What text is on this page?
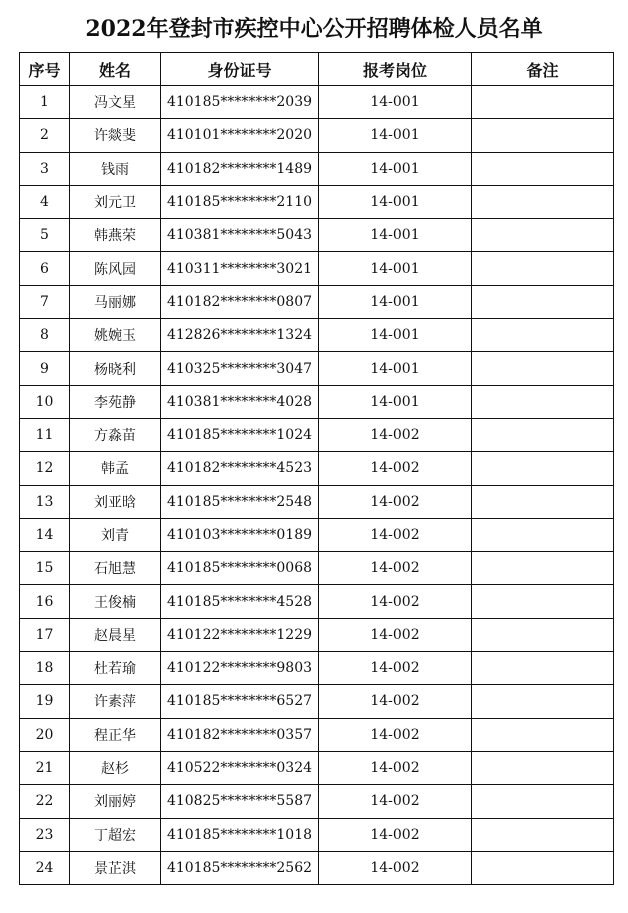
2022年登封市疾控中心公开招聘体检人员名单
序号	姓名	身份证号	报考岗位	备注
1	冯文星	410185********2039	14-001	
2	许燚斐	410101********2020	14-001	
3	钱雨	410182********1489	14-001	
4	刘元卫	410185********2110	14-001	
5	韩燕荣	410381********5043	14-001	
6	陈风园	410311********3021	14-001	
7	马丽娜	410182********0807	14-001	
8	姚婉玉	412826********1324	14-001	
9	杨晓利	410325********3047	14-001	
10	李苑静	410381********4028	14-001	
11	方淼苗	410185********1024	14-002	
12	韩孟	410182********4523	14-002	
13	刘亚晗	410185********2548	14-002	
14	刘青	410103********0189	14-002	
15	石旭慧	410185********0068	14-002	
16	王俊楠	410185********4528	14-002	
17	赵晨星	410122********1229	14-002	
18	杜若瑜	410122********9803	14-002	
19	许素萍	410185********6527	14-002	
20	程正华	410182********0357	14-002	
21	赵杉	410522********0324	14-002	
22	刘丽婷	410825********5587	14-002	
23	丁超宏	410185********1018	14-002	
24	景芷淇	410185********2562	14-002	
